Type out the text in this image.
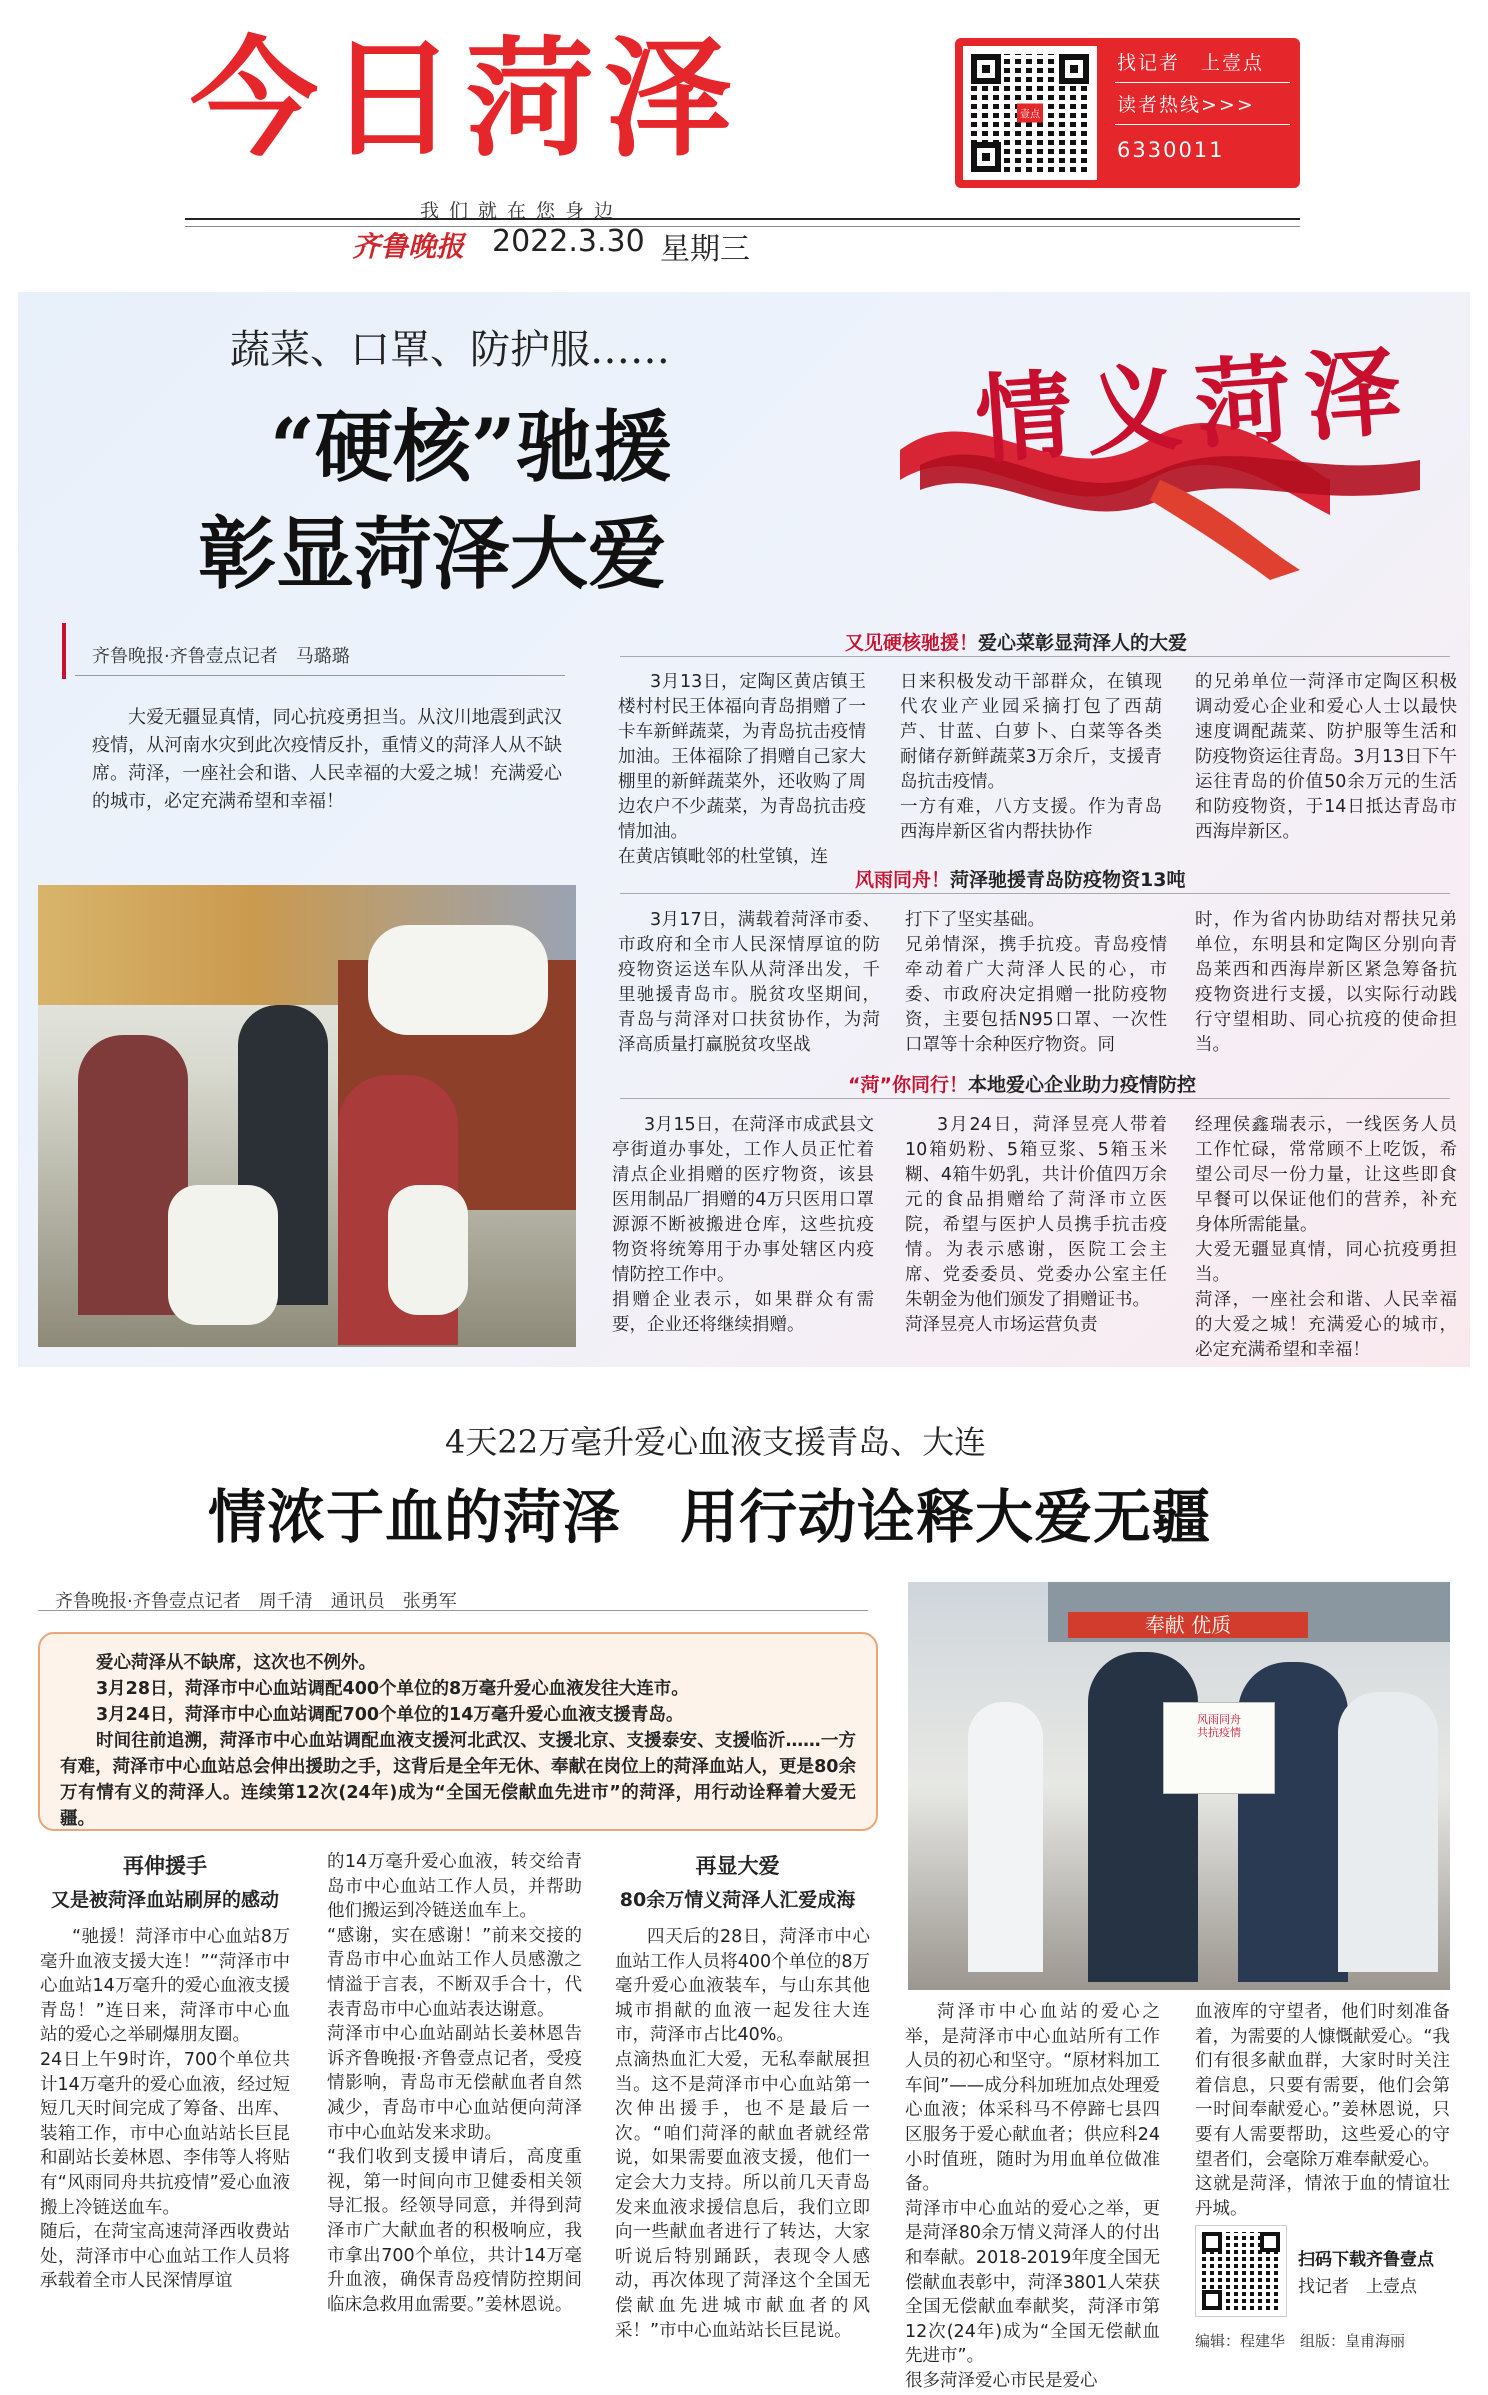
今日菏泽	壹点
找记者　上壹点
读者热线>>>
6330011
我们就在您身边
齐鲁晚报 2022.3.30 星期三
情义菏泽
蔬菜、口罩、防护服……
“硬核”驰援
彰显菏泽大爱
齐鲁晚报·齐鲁壹点记者　马璐璐

大爱无疆显真情，同心抗疫勇担当。从汶川地震到武汉疫情，从河南水灾到此次疫情反扑，重情义的菏泽人从不缺席。菏泽，一座社会和谐、人民幸福的大爱之城！充满爱心的城市，必定充满希望和幸福！

又见硬核驰援！爱心菜彰显菏泽人的大爱

3月13日，定陶区黄店镇王楼村村民王体福向青岛捐赠了一卡车新鲜蔬菜，为青岛抗击疫情加油。王体福除了捐赠自己家大棚里的新鲜蔬菜外，还收购了周边农户不少蔬菜，为青岛抗击疫情加油。
在黄店镇毗邻的杜堂镇，连

日来积极发动干部群众，在镇现代农业产业园采摘打包了西葫芦、甘蓝、白萝卜、白菜等各类耐储存新鲜蔬菜3万余斤，支援青岛抗击疫情。
一方有难，八方支援。作为青岛西海岸新区省内帮扶协作

的兄弟单位一菏泽市定陶区积极调动爱心企业和爱心人士以最快速度调配蔬菜、防护服等生活和防疫物资运往青岛。3月13日下午运往青岛的价值50余万元的生活和防疫物资，于14日抵达青岛市西海岸新区。

风雨同舟！菏泽驰援青岛防疫物资13吨

3月17日，满载着菏泽市委、市政府和全市人民深情厚谊的防疫物资运送车队从菏泽出发，千里驰援青岛市。脱贫攻坚期间，青岛与菏泽对口扶贫协作，为菏泽高质量打赢脱贫攻坚战

打下了坚实基础。
兄弟情深，携手抗疫。青岛疫情牵动着广大菏泽人民的心，市委、市政府决定捐赠一批防疫物资，主要包括N95口罩、一次性口罩等十余种医疗物资。同

时，作为省内协助结对帮扶兄弟单位，东明县和定陶区分别向青岛莱西和西海岸新区紧急筹备抗疫物资进行支援，以实际行动践行守望相助、同心抗疫的使命担当。

“菏”你同行！本地爱心企业助力疫情防控

3月15日，在菏泽市成武县文亭街道办事处，工作人员正忙着清点企业捐赠的医疗物资，该县医用制品厂捐赠的4万只医用口罩源源不断被搬进仓库，这些抗疫物资将统筹用于办事处辖区内疫情防控工作中。
捐赠企业表示，如果群众有需要，企业还将继续捐赠。

3月24日，菏泽昱亮人带着10箱奶粉、5箱豆浆、5箱玉米糊、4箱牛奶乳，共计价值四万余元的食品捐赠给了菏泽市立医院，希望与医护人员携手抗击疫情。为表示感谢，医院工会主席、党委委员、党委办公室主任朱朝金为他们颁发了捐赠证书。
菏泽昱亮人市场运营负责

经理侯鑫瑞表示，一线医务人员工作忙碌，常常顾不上吃饭，希望公司尽一份力量，让这些即食早餐可以保证他们的营养，补充身体所需能量。
大爱无疆显真情，同心抗疫勇担当。
菏泽，一座社会和谐、人民幸福的大爱之城！充满爱心的城市，必定充满希望和幸福！

4天22万毫升爱心血液支援青岛、大连
情浓于血的菏泽　用行动诠释大爱无疆
齐鲁晚报·齐鲁壹点记者　周千清　通讯员　张勇军

爱心菏泽从不缺席，这次也不例外。

3月28日，菏泽市中心血站调配400个单位的8万毫升爱心血液发往大连市。

3月24日，菏泽市中心血站调配700个单位的14万毫升爱心血液支援青岛。

时间往前追溯，菏泽市中心血站调配血液支援河北武汉、支援北京、支援泰安、支援临沂……一方有难，菏泽市中心血站总会伸出援助之手，这背后是全年无休、奉献在岗位上的菏泽血站人，更是80余万有情有义的菏泽人。连续第12次(24年)成为“全国无偿献血先进市”的菏泽，用行动诠释着大爱无疆。

奉献 优质
风雨同舟共抗疫情
再伸援手
又是被菏泽血站刷屏的感动

“驰援！菏泽市中心血站8万毫升血液支援大连！”“菏泽市中心血站14万毫升的爱心血液支援青岛！”连日来，菏泽市中心血站的爱心之举刷爆朋友圈。
24日上午9时许，700个单位共计14万毫升的爱心血液，经过短短几天时间完成了筹备、出库、装箱工作，市中心血站站长巨昆和副站长姜林恩、李伟等人将贴有“风雨同舟共抗疫情”爱心血液搬上冷链送血车。
随后，在菏宝高速菏泽西收费站处，菏泽市中心血站工作人员将承载着全市人民深情厚谊

的14万毫升爱心血液，转交给青岛市中心血站工作人员，并帮助他们搬运到冷链送血车上。
“感谢，实在感谢！”前来交接的青岛市中心血站工作人员感激之情溢于言表，不断双手合十，代表青岛市中心血站表达谢意。
菏泽市中心血站副站长姜林恩告诉齐鲁晚报·齐鲁壹点记者，受疫情影响，青岛市无偿献血者自然减少，青岛市中心血站便向菏泽市中心血站发来求助。
“我们收到支援申请后，高度重视，第一时间向市卫健委相关领导汇报。经领导同意，并得到菏泽市广大献血者的积极响应，我市拿出700个单位，共计14万毫升血液，确保青岛疫情防控期间临床急救用血需要。”姜林恩说。

再显大爱
80余万情义菏泽人汇爱成海

四天后的28日，菏泽市中心血站工作人员将400个单位的8万毫升爱心血液装车，与山东其他城市捐献的血液一起发往大连市，菏泽市占比40%。
点滴热血汇大爱，无私奉献展担当。这不是菏泽市中心血站第一次伸出援手，也不是最后一次。“咱们菏泽的献血者就经常说，如果需要血液支援，他们一定会大力支持。所以前几天青岛发来血液求援信息后，我们立即向一些献血者进行了转达，大家听说后特别踊跃，表现令人感动，再次体现了菏泽这个全国无偿献血先进城市献血者的风采！”市中心血站站长巨昆说。

菏泽市中心血站的爱心之举，是菏泽市中心血站所有工作人员的初心和坚守。“原材料加工车间”——成分科加班加点处理爱心血液；体采科马不停蹄七县四区服务于爱心献血者；供应科24小时值班，随时为用血单位做准备。
菏泽市中心血站的爱心之举，更是菏泽80余万情义菏泽人的付出和奉献。2018-2019年度全国无偿献血表彰中，菏泽3801人荣获全国无偿献血奉献奖，菏泽市第12次(24年)成为“全国无偿献血先进市”。
很多菏泽爱心市民是爱心

血液库的守望者，他们时刻准备着，为需要的人慷慨献爱心。“我们有很多献血群，大家时时关注着信息，只要有需要，他们会第一时间奉献爱心。”姜林恩说，只要有人需要帮助，这些爱心的守望者们，会毫除万难奉献爱心。
这就是菏泽，情浓于血的情谊壮丹城。

扫码下载齐鲁壹点
找记者　上壹点
编辑：程建华　组版：皇甫海丽
